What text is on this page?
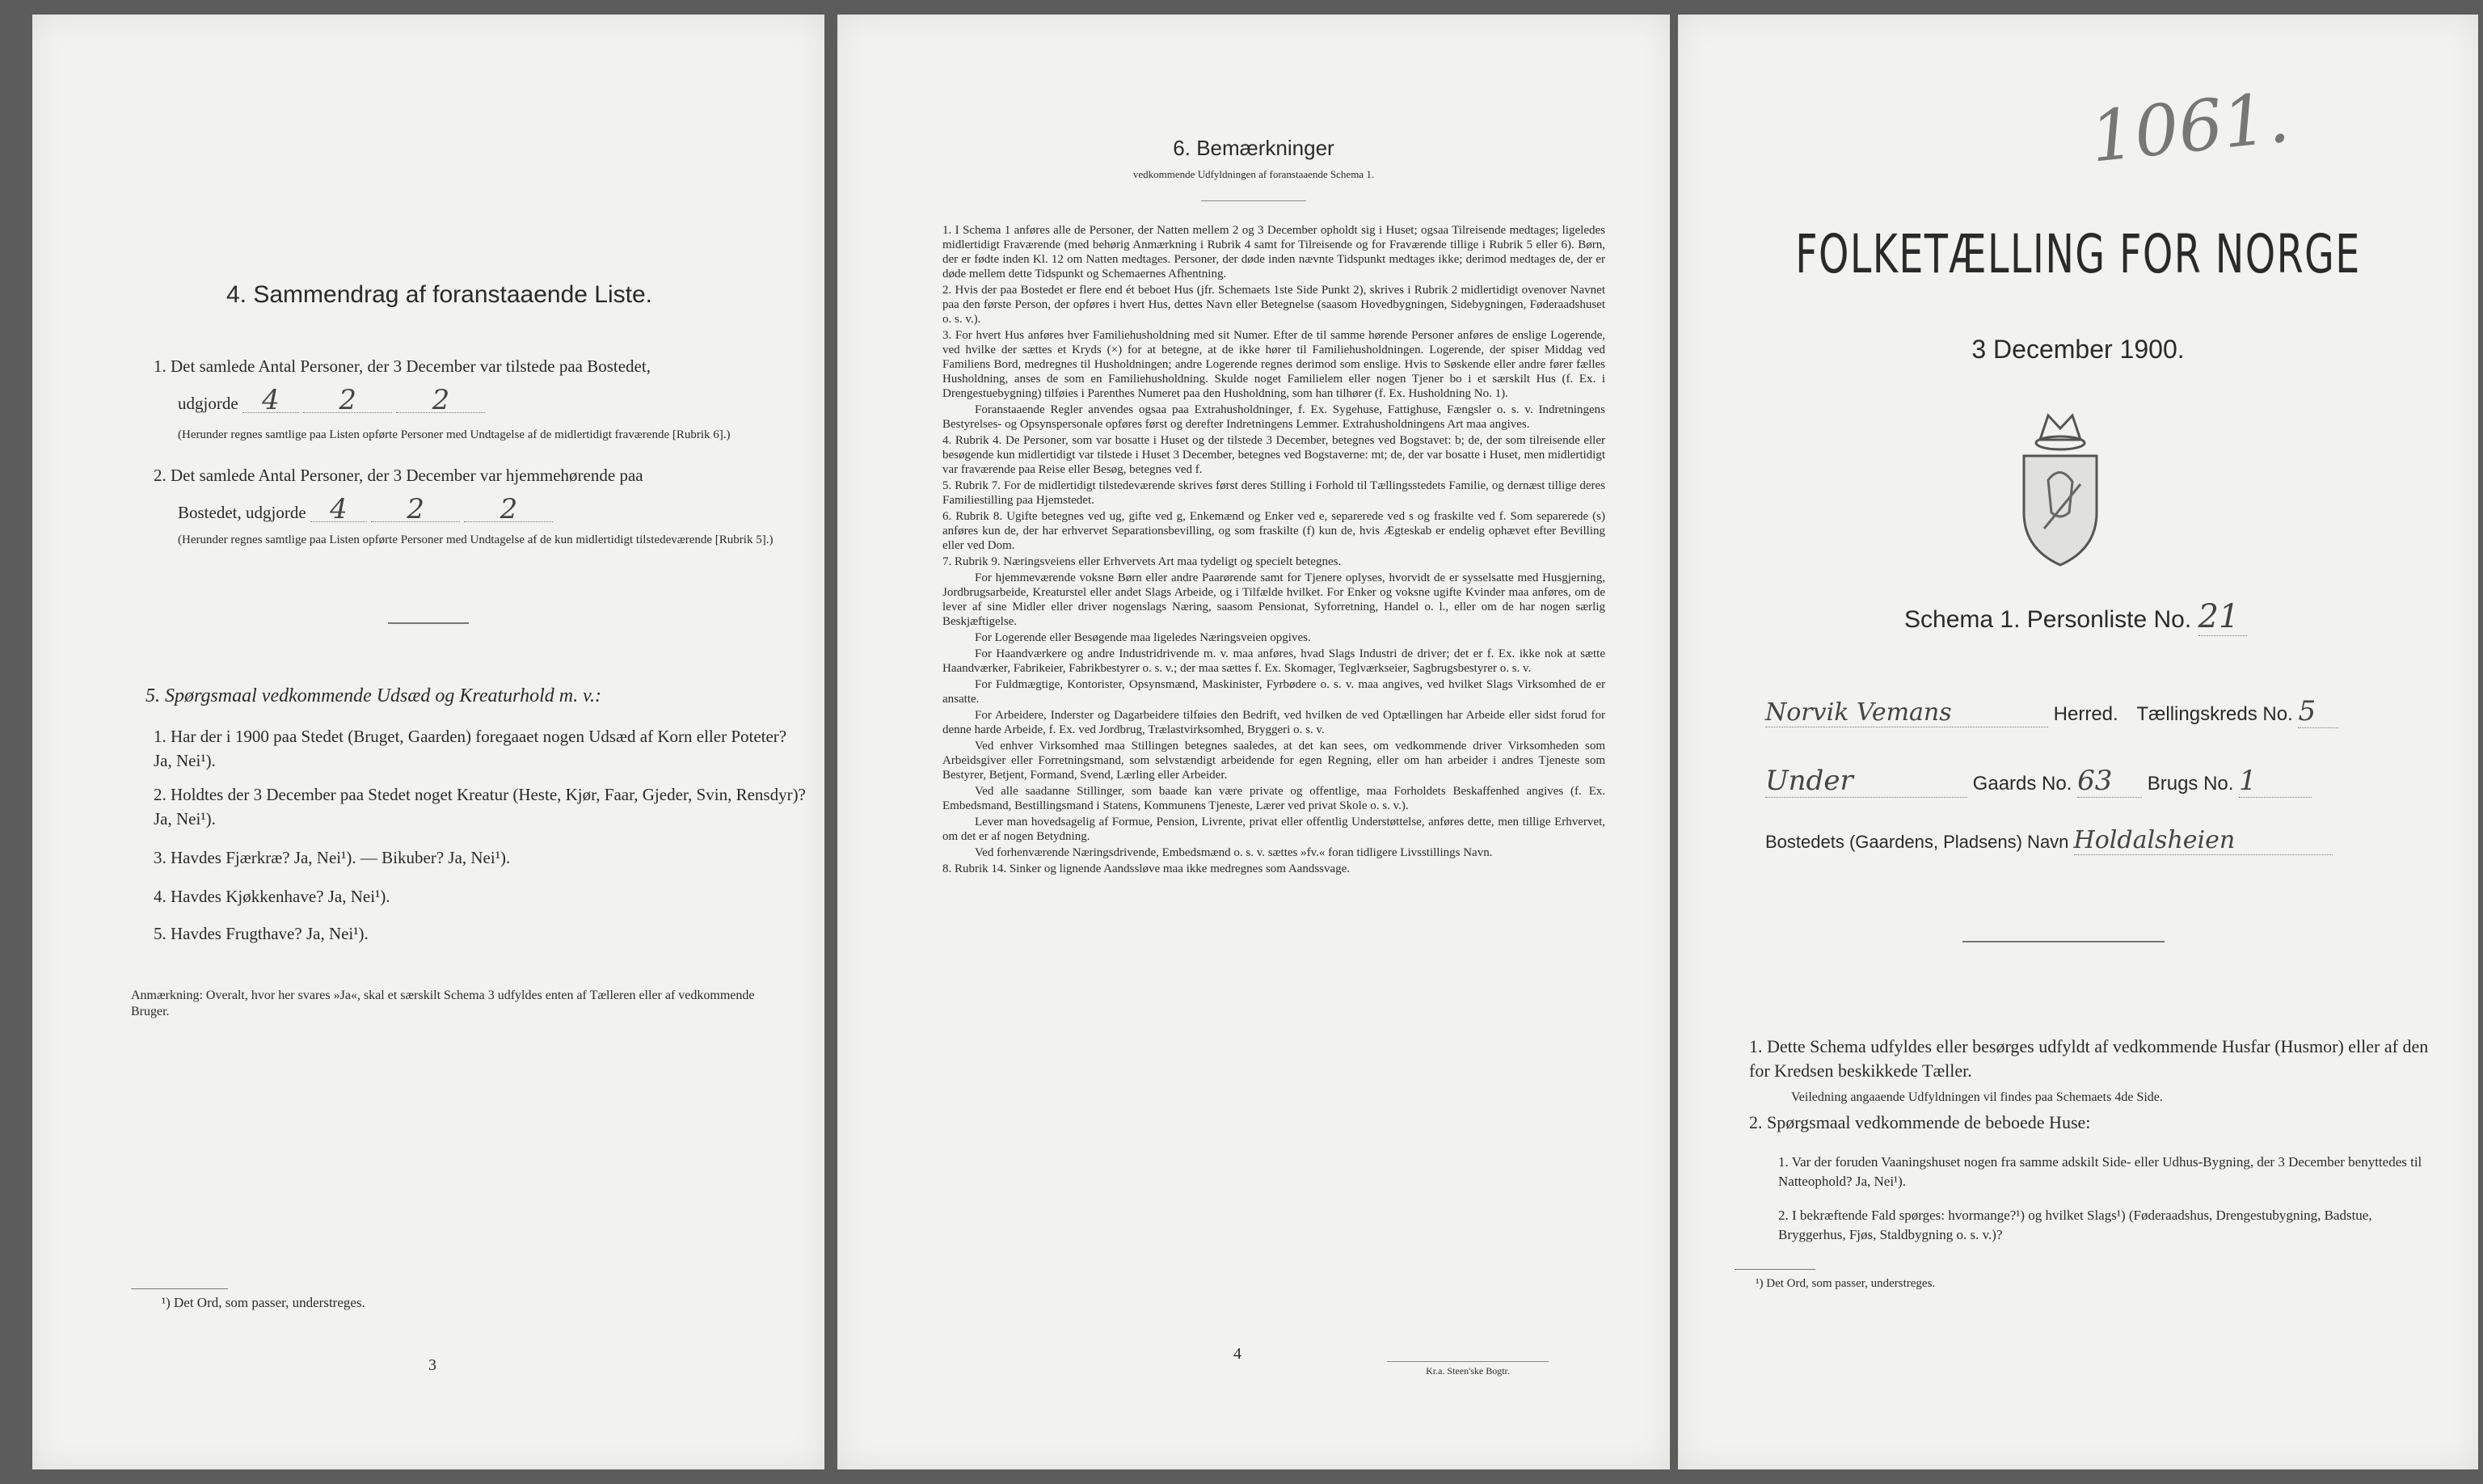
4. Sammendrag af foranstaaende Liste.
1. Det samlede Antal Personer, der 3 December var tilstede paa Bostedet,
udgjorde 4 2	2
(Herunder regnes samtlige paa Listen opførte Personer med Undtagelse af de midlertidigt fraværende [Rubrik 6].)
2. Det samlede Antal Personer, der 3 December var hjemmehørende paa
Bostedet, udgjorde 4 2	2
(Herunder regnes samtlige paa Listen opførte Personer med Undtagelse af de kun midlertidigt tilstedeværende [Rubrik 5].)
5. Spørgsmaal vedkommende Udsæd og Kreaturhold m. v.:
1. Har der i 1900 paa Stedet (Bruget, Gaarden) foregaaet nogen Udsæd af Korn eller Poteter? Ja, Nei¹).
2. Holdtes der 3 December paa Stedet noget Kreatur (Heste, Kjør, Faar, Gjeder, Svin, Rensdyr)? Ja, Nei¹).
3. Havdes Fjærkræ? Ja, Nei¹). — Bikuber? Ja, Nei¹).
4. Havdes Kjøkkenhave? Ja, Nei¹).
5. Havdes Frugthave? Ja, Nei¹).
Anmærkning: Overalt, hvor her svares »Ja«, skal et særskilt Schema 3 udfyldes enten af Tælleren eller af vedkommende Bruger.
¹) Det Ord, som passer, understreges.
3
6. Bemærkninger
vedkommende Udfyldningen af foranstaaende Schema 1.

1. I Schema 1 anføres alle de Personer, der Natten mellem 2 og 3 December opholdt sig i Huset; ogsaa Tilreisende medtages; ligeledes midlertidigt Fraværende (med behørig Anmærkning i Rubrik 4 samt for Tilreisende og for Fraværende tillige i Rubrik 5 eller 6). Børn, der er fødte inden Kl. 12 om Natten medtages. Personer, der døde inden nævnte Tidspunkt medtages ikke; derimod medtages de, der er døde mellem dette Tidspunkt og Schemaernes Afhentning.

2. Hvis der paa Bostedet er flere end ét beboet Hus (jfr. Schemaets 1ste Side Punkt 2), skrives i Rubrik 2 midlertidigt ovenover Navnet paa den første Person, der opføres i hvert Hus, dettes Navn eller Betegnelse (saasom Hovedbygningen, Sidebygningen, Føderaadshuset o. s. v.).

3. For hvert Hus anføres hver Familiehusholdning med sit Numer. Efter de til samme hørende Personer anføres de enslige Logerende, ved hvilke der sættes et Kryds (×) for at betegne, at de ikke hører til Familiehusholdningen. Logerende, der spiser Middag ved Familiens Bord, medregnes til Husholdningen; andre Logerende regnes derimod som enslige. Hvis to Søskende eller andre fører fælles Husholdning, anses de som en Familiehusholdning. Skulde noget Familielem eller nogen Tjener bo i et særskilt Hus (f. Ex. i Drengestuebygning) tilføies i Parenthes Numeret paa den Husholdning, som han tilhører (f. Ex. Husholdning No. 1).

Foranstaaende Regler anvendes ogsaa paa Extrahusholdninger, f. Ex. Sygehuse, Fattighuse, Fængsler o. s. v. Indretningens Bestyrelses- og Opsynspersonale opføres først og derefter Indretningens Lemmer. Extrahusholdningens Art maa angives.

4. Rubrik 4. De Personer, som var bosatte i Huset og der tilstede 3 December, betegnes ved Bogstavet: b; de, der som tilreisende eller besøgende kun midlertidigt var tilstede i Huset 3 December, betegnes ved Bogstaverne: mt; de, der var bosatte i Huset, men midlertidigt var fraværende paa Reise eller Besøg, betegnes ved f.

5. Rubrik 7. For de midlertidigt tilstedeværende skrives først deres Stilling i Forhold til Tællingsstedets Familie, og dernæst tillige deres Familiestilling paa Hjemstedet.

6. Rubrik 8. Ugifte betegnes ved ug, gifte ved g, Enkemænd og Enker ved e, separerede ved s og fraskilte ved f. Som separerede (s) anføres kun de, der har erhvervet Separationsbevilling, og som fraskilte (f) kun de, hvis Ægteskab er endelig ophævet efter Bevilling eller ved Dom.

7. Rubrik 9. Næringsveiens eller Erhvervets Art maa tydeligt og specielt betegnes.

For hjemmeværende voksne Børn eller andre Paarørende samt for Tjenere oplyses, hvorvidt de er sysselsatte med Husgjerning, Jordbrugsarbeide, Kreaturstel eller andet Slags Arbeide, og i Tilfælde hvilket. For Enker og voksne ugifte Kvinder maa anføres, om de lever af sine Midler eller driver nogenslags Næring, saasom Pensionat, Syforretning, Handel o. l., eller om de har nogen særlig Beskjæftigelse.

For Logerende eller Besøgende maa ligeledes Næringsveien opgives.

For Haandværkere og andre Industridrivende m. v. maa anføres, hvad Slags Industri de driver; det er f. Ex. ikke nok at sætte Haandværker, Fabrikeier, Fabrikbestyrer o. s. v.; der maa sættes f. Ex. Skomager, Teglværkseier, Sagbrugsbestyrer o. s. v.

For Fuldmægtige, Kontorister, Opsynsmænd, Maskinister, Fyrbødere o. s. v. maa angives, ved hvilket Slags Virksomhed de er ansatte.

For Arbeidere, Inderster og Dagarbeidere tilføies den Bedrift, ved hvilken de ved Optællingen har Arbeide eller sidst forud for denne harde Arbeide, f. Ex. ved Jordbrug, Trælastvirksomhed, Bryggeri o. s. v.

Ved enhver Virksomhed maa Stillingen betegnes saaledes, at det kan sees, om vedkommende driver Virksomheden som Arbeidsgiver eller Forretningsmand, som selvstændigt arbeidende for egen Regning, eller om han arbeider i andres Tjeneste som Bestyrer, Betjent, Formand, Svend, Lærling eller Arbeider.

Ved alle saadanne Stillinger, som baade kan være private og offentlige, maa Forholdets Beskaffenhed angives (f. Ex. Embedsmand, Bestillingsmand i Statens, Kommunens Tjeneste, Lærer ved privat Skole o. s. v.).

Lever man hovedsagelig af Formue, Pension, Livrente, privat eller offentlig Understøttelse, anføres dette, men tillige Erhvervet, om det er af nogen Betydning.

Ved forhenværende Næringsdrivende, Embedsmænd o. s. v. sættes »fv.« foran tidligere Livsstillings Navn.

8. Rubrik 14. Sinker og lignende Aandssløve maa ikke medregnes som Aandssvage.

4
Kr.a. Steen'ske Bogtr.
1061.
FOLKETÆLLING FOR NORGE
3 December 1900.
Schema 1. Personliste No. 21
Norvik Vemans	Herred. Tællingskreds No. 5
Under	Gaards No. 63 Brugs No. 1
Bostedets (Gaardens, Pladsens) Navn Holdalsheien
1. Dette Schema udfyldes eller besørges udfyldt af vedkommende Husfar (Husmor) eller af den for Kredsen beskikkede Tæller.
Veiledning angaaende Udfyldningen vil findes paa Schemaets 4de Side.
2. Spørgsmaal vedkommende de beboede Huse:
1. Var der foruden Vaaningshuset nogen fra samme adskilt Side- eller Udhus-Bygning, der 3 December benyttedes til Natteophold? Ja, Nei¹).
2. I bekræftende Fald spørges: hvormange?¹) og hvilket Slags¹) (Føderaadshus, Drengestubygning, Badstue, Bryggerhus, Fjøs, Staldbygning o. s. v.)?
¹) Det Ord, som passer, understreges.
